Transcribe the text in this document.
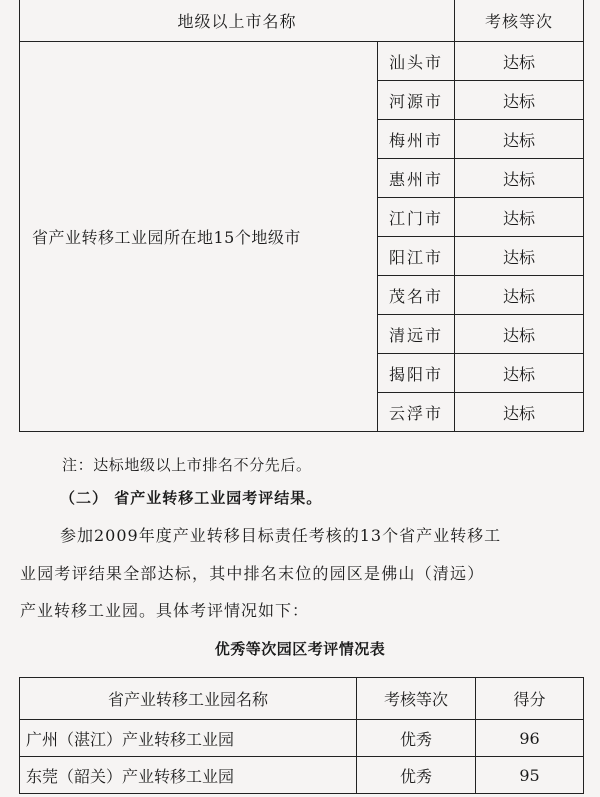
地级以上市名称		考核等次
省产业转移工业园所在地15个地级市	汕头市	达标
	河源市	达标
	梅州市	达标
	惠州市	达标
	江门市	达标
	阳江市	达标
	茂名市	达标
	清远市	达标
	揭阳市	达标
	云浮市	达标
注：达标地级以上市排名不分先后。
（二） 省产业转移工业园考评结果。
参加2009年度产业转移目标责任考核的13个省产业转移工
业园考评结果全部达标，其中排名末位的园区是佛山（清远）
产业转移工业园。具体考评情况如下：
优秀等次园区考评情况表
省产业转移工业园名称	考核等次	得分
广州（湛江）产业转移工业园	优秀	96
东莞（韶关）产业转移工业园	优秀	95
